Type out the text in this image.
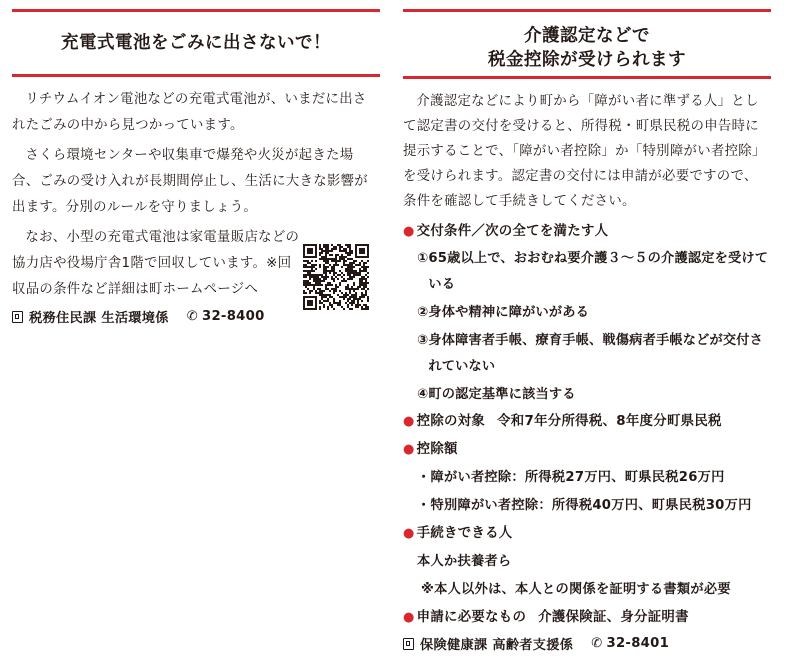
充電式電池をごみに出さないで！

リチウムイオン電池などの充電式電池が、いまだに出されたごみの中から見つかっています。

さくら環境センターや収集車で爆発や火災が起きた場合、ごみの受け入れが長期間停止し、生活に大きな影響が出ます。分別のルールを守りましょう。

なお、小型の充電式電池は家電量販店などの協力店や役場庁舎1階で回収しています。※回収品の条件など詳細は町ホームページへ

税務住民課 生活環境係 ✆ 32-8400
介護認定などで
税金控除が受けられます

介護認定などにより町から「障がい者に準ずる人」として認定書の交付を受けると、所得税・町県民税の申告時に提示することで、「障がい者控除」か「特別障がい者控除」を受けられます。認定書の交付には申請が必要ですので、条件を確認して手続きしてください。

● 交付条件／次の全てを満たす人
① 65歳以上で、おおむね要介護３～５の介護認定を受けている
② 身体や精神に障がいがある
③ 身体障害者手帳、療育手帳、戦傷病者手帳などが交付されていない
④ 町の認定基準に該当する
● 控除の対象 令和7年分所得税、8年度分町県民税
● 控除額
・障がい者控除：所得税27万円、町県民税26万円
・特別障がい者控除：所得税40万円、町県民税30万円
● 手続きできる人
本人か扶養者ら
※本人以外は、本人との関係を証明する書類が必要
● 申請に必要なもの 介護保険証、身分証明書
保険健康課 高齢者支援係 ✆ 32-8401
